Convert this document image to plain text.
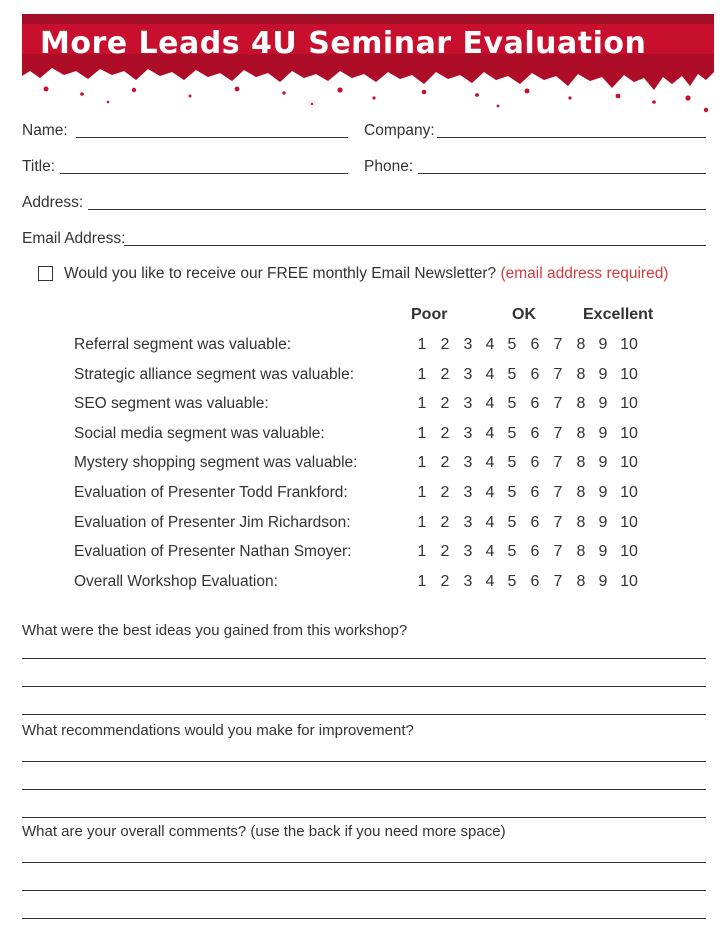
More Leads 4U Seminar Evaluation
Name:	Company:
Title:	Phone:
Address:
Email Address:
Would you like to receive our FREE monthly Email Newsletter? (email address required)
Poor	OK	Excellent
Referral segment was valuable:	1 2 3 4 5 6 7 8 9 10
Strategic alliance segment was valuable:	1 2 3 4 5 6 7 8 9 10
SEO segment was valuable:	1 2 3 4 5 6 7 8 9 10
Social media segment was valuable:	1 2 3 4 5 6 7 8 9 10
Mystery shopping segment was valuable:	1 2 3 4 5 6 7 8 9 10
Evaluation of Presenter Todd Frankford:	1 2 3 4 5 6 7 8 9 10
Evaluation of Presenter Jim Richardson:	1 2 3 4 5 6 7 8 9 10
Evaluation of Presenter Nathan Smoyer:	1 2 3 4 5 6 7 8 9 10
Overall Workshop Evaluation:	1 2 3 4 5 6 7 8 9 10
What were the best ideas you gained from this workshop?
What recommendations would you make for improvement?
What are your overall comments? (use the back if you need more space)
